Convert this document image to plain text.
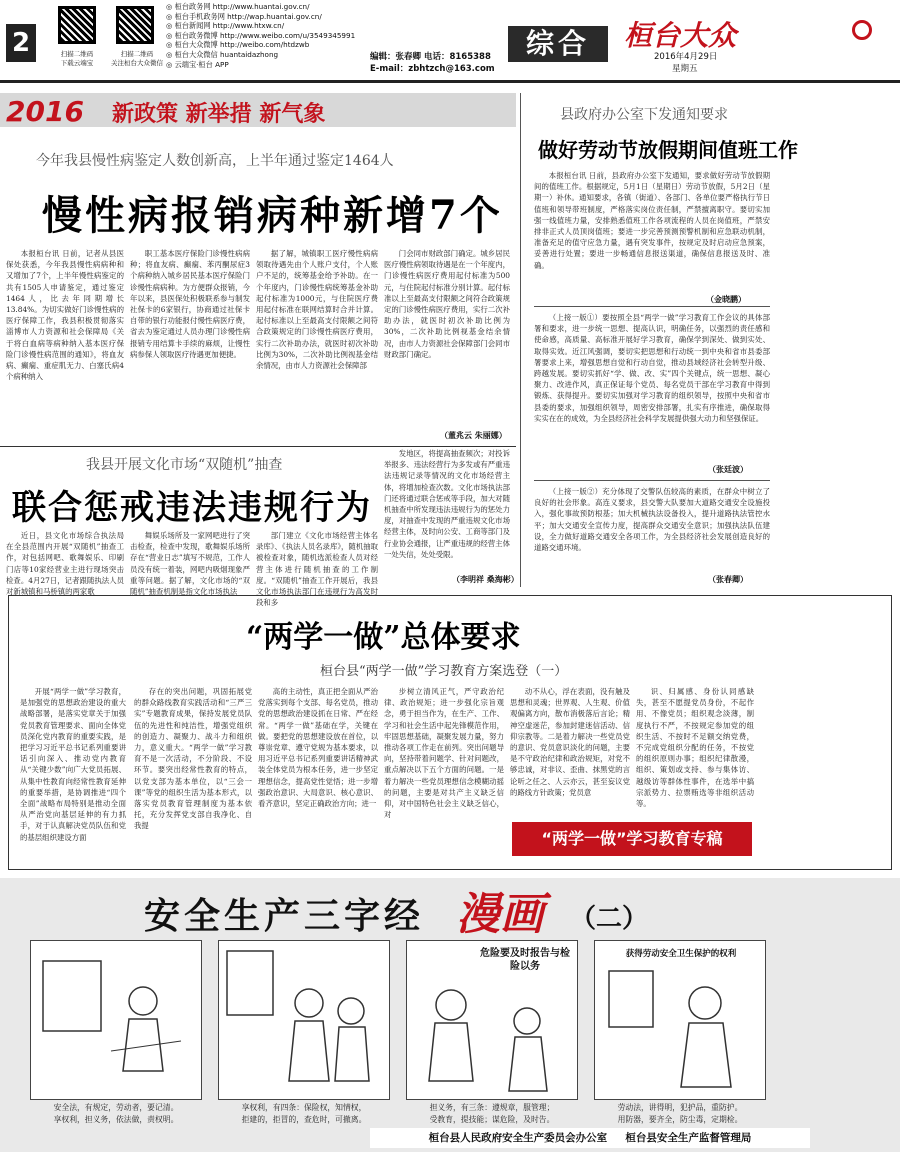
2	扫描二维码
下载云端宝
扫描二维码
关注桓台大众微信
◎ 桓台政务网 http://www.huantai.gov.cn/
◎ 桓台手机政务网 http://wap.huantai.gov.cn/
◎ 桓台新闻网 http://www.htxw.cn/
◎ 桓台政务微博 http://www.weibo.com/u/3549345991
◎ 桓台大众微博 http://weibo.com/htdzwb
◎ 桓台大众微信 huantaidazhong
◎ 云端宝·桓台 APP
编辑：张春卿 电话：8165388
E-mail：zbhtzch@163.com
综合	桓台大众
2016年4月29日
星期五
2016 新政策 新举措 新气象
今年我县慢性病鉴定人数创新高，上半年通过鉴定1464人
慢性病报销病种新增7个

本报桓台讯 日前，记者从县医保处获悉，今年我县慢性病病种和又增加了7个，上半年慢性病鉴定的共有1505人申请鉴定，通过鉴定1464人，比去年同期增长13.84%。为切实做好门诊慢性病的医疗保障工作，我县积极贯彻落实淄博市人力资源和社会保障局《关于将白血病等病种纳入基本医疗保险门诊慢性病范围的通知》，将血友病、癫痫、重症肌无力、白塞氏病4个病种纳入

职工基本医疗保险门诊慢性病病种；将血友病、癫痫、苯丙酮尿症3个病种纳入城乡居民基本医疗保险门诊慢性病病种。为方便群众报销，今年以来，县医保处积极联系参与制发社保卡的6家银行，协商通过社保卡自带的银行功能报付慢性病医疗费，省去为鉴定通过人员办理门诊慢性病报销专用结算卡手续的麻烦，让慢性病参保人领取医疗待遇更加便捷。

据了解，城镇职工医疗慢性病病领取待遇先由个人账户支付，个人账户不足的，统筹基金给予补助。在一个年度内，门诊慢性病统筹基金补助起付标准为1000元，与住院医疗费用起付标准在联网结算时合并计算。起付标准以上至最高支付限额之间符合政策规定的门诊慢性病医疗费用，实行二次补助办法，就医时初次补助比例为30%，二次补助比例视基金结余情况，由市人力资源社会保障部

门会同市财政部门确定。城乡居民医疗慢性病领取待遇是在一个年度内，门诊慢性病医疗费用起付标准为500元，与住院起付标准分别计算。起付标准以上至最高支付限额之间符合政策规定的门诊慢性病医疗费用，实行二次补助办法，就医时初次补助比例为30%，二次补助比例视基金结余情况，由市人力资源社会保障部门会同市财政部门确定。

（董兆云 朱丽娜）
我县开展文化市场“双随机”抽查
联合惩戒违法违规行为

发地区，将提高抽查频次；对投诉举报多、违法经营行为多发或有严重违法违规记录等情况的文化市场经营主体，将增加检查次数。文化市场执法部门还将通过联合惩戒等手段，加大对随机抽查中所发现违法违规行为的惩处力度，对抽查中发现的严重违规文化市场经营主体，及时向公安、工商等部门及行业协会通报，让严重违规的经营主体一处失信，处处受限。

近日，县文化市场综合执法局在全县范围内开展“双随机”抽查工作，对包括网吧、歌舞娱乐、印刷门店等10家经营业主进行现场突击检查。4月27日，记者跟随执法人员对新城镇和马桥镇的两家歌

舞娱乐场所及一家网吧进行了突击检查，检查中发现，歌舞娱乐场所存在“营业日志”填写不规范，工作人员没有统一着装，网吧内吸烟现象严重等问题。据了解，文化市场的“双随机”抽查机制是指文化市场执法

部门建立《文化市场经营主体名录库》、《执法人员名录库》，随机抽取被检查对象，随机选派检查人员对经营主体进行随机抽查的工作制度。“双随机”抽查工作开展后，我县文化市场执法部门在违规行为高发时段和多

（李明祥 桑海彬）
县政府办公室下发通知要求
做好劳动节放假期间值班工作

本报桓台讯 日前，县政府办公室下发通知，要求做好劳动节放假期间的值班工作。根据规定，5月1日（星期日）劳动节放假，5月2日（星期一）补休。通知要求，各镇（街道）、各部门、各单位要严格执行节日值班和领导带班制度，严格落实岗位责任制，严禁擅离职守。要切实加强一线值班力量，安排熟悉值班工作各项流程的人员在岗值班，严禁安排非正式人员顶岗值班；要进一步完善预测预警机制和应急联动机制，准备充足的值守应急力量，遇有突发事件，按规定及时启动应急预案，妥善进行处置；要进一步畅通信息报送渠道，确保信息报送及时、准确。

（金晓鹏）

（上接一版①）要按照全县“两学一做”学习教育工作会议的具体部署和要求，进一步统一思想、提高认识，明确任务，以强烈的责任感和使命感，高质量、高标准开展好学习教育，确保学到深处、做到实处、取得实效。近江风强调，要切实把思想和行动统一到中央和省市县委部署要求上来，增强思想自觉和行动自觉，推动县域经济社会转型升级、跨越发展。要切实抓好“学、做、改、实”四个关键点，统一思想、凝心聚力、改进作风，真正保证每个党员、每名党员干部在学习教育中得到锻炼、获得提升。要切实加强对学习教育的组织领导，按照中央和省市县委的要求，加强组织领导，周密安排部署，扎实有序推进，确保取得实实在在的成效，为全县经济社会科学发展提供强大动力和坚强保证。

（张廷波）

（上接一版②）充分体现了交警队伍较高的素质，在群众中树立了良好的社会形象。高连义要求，县交警大队要加大道路交通安全设施投入，强化事故预防根基；加大机械执法设备投入，提升道路执法管控水平；加大交通安全宣传力度，提高群众交通安全意识；加强执法队伍建设，全力做好道路交通安全各项工作，为全县经济社会发展创造良好的道路交通环境。

（张春卿）
“两学一做”总体要求
桓台县“两学一做”学习教育方案选登（一）

开展“两学一做”学习教育，是加强党的思想政治建设的重大战略部署，是落实党章关于加强党员教育管理要求、面向全体党员深化党内教育的重要实践，是把学习习近平总书记系列重要讲话引向深入、推动党内教育从“关键少数”向广大党员拓展、从集中性教育向经常性教育延伸的重要举措，是协调推进“四个全面”战略布局特别是推动全面从严治党向基层延伸的有力抓手，对于认真解决党员队伍和党的基层组织建设方面

存在的突出问题，巩固拓展党的群众路线教育实践活动和“三严三实”专题教育成果，保持发展党员队伍的先进性和纯洁性，增强党组织的创造力、凝聚力、战斗力和组织力，意义重大。“两学一做”学习教育不是一次活动，不分阶段、不设环节。要突出经常性教育的特点，以党支部为基本单位，以“三会一课”等党的组织生活为基本形式，以落实党员教育管理制度为基本依托，充分发挥党支部自我净化、自我提

高的主动性，真正把全面从严治党落实到每个支部、每名党员，推动党的思想政治建设抓在日常、严在经常。“两学一做”基础在学，关键在做。要把党的思想建设放在首位，以尊崇党章、遵守党规为基本要求，以用习近平总书记系列重要讲话精神武装全体党员为根本任务，进一步坚定理想信念，提高党性觉悟；进一步增强政治意识、大局意识、核心意识、看齐意识，坚定正确政治方向；进一

步树立清风正气，严守政治纪律、政治规矩；进一步强化宗旨观念，勇于担当作为，在生产、工作、学习和社会生活中起先锋模范作用，牢固思想基础，凝聚发展力量，努力推动各项工作走在前列。突出问题导向，坚持带着问题学、针对问题改，重点解决以下五个方面的问题。一是着力解决一些党员理想信念模糊动摇的问题，主要是对共产主义缺乏信仰，对中国特色社会主义缺乏信心，对

动不从心，浮在表面，没有触及思想和灵魂；世界观、人生观、价值观偏离方向，散布消极落后言论；精神空虚迷茫，参加封建迷信活动、信仰宗教等。二是着力解决一些党员党的意识、党员意识淡化的问题，主要是不守政治纪律和政治规矩，对党不够忠诚，对非议、歪曲、抹黑党的言论听之任之、人云亦云，甚至妄议党的路线方针政策；党员意

识、归属感、身份认同感缺失，甚至不愿提党员身份，不起作用、不像党员；组织观念淡薄，制度执行不严，不按规定参加党的组织生活、不按时不足额交纳党费，不完成党组织分配的任务，不按党的组织原则办事；组织纪律散漫，组织、策划或支持、参与集体访、越级访等群体性事件，在选举中搞宗派势力、拉票贿选等非组织活动等。

“两学一做”学习教育专稿
安全生产三字经 漫画 （二）
安全法，有规定，劳动者，要记清。
享权利，担义务，依法做，责权明。
享权利，有四条：保险权，知情权，
拒建的，拒冒的，查危时，可撤离。
危险要及时报告与检险以务
担义务，有三条：遵规章，服管理；
受教育，提技能；谋危险，及时告。
获得劳动安全卫生保护的权利
劳动法，讲得明，犯护品，重防护。
用防器，要齐全，防尘毒，定期检。
桓台县人民政府安全生产委员会办公室 桓台县安全生产监督管理局
